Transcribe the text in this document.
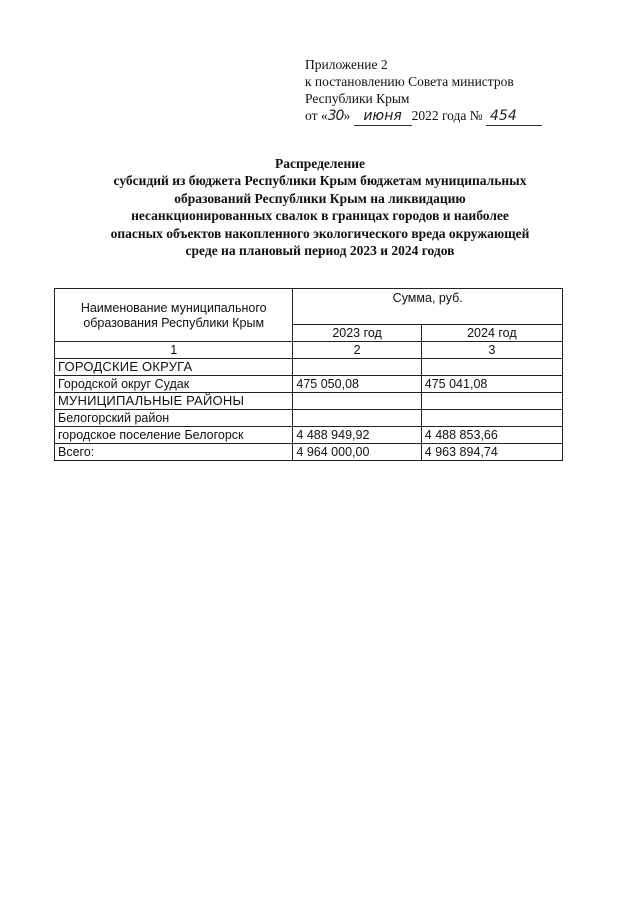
Приложение 2
к постановлению Совета министров
Республики Крым
от «30» июня 2022 года № 454
Распределение
субсидий из бюджета Республики Крым бюджетам муниципальных
образований Республики Крым на ликвидацию
несанкционированных свалок в границах городов и наиболее
опасных объектов накопленного экологического вреда окружающей
среде на плановый период 2023 и 2024 годов
Наименование муниципального образования Республики Крым	Сумма, руб.	
	2023 год	2024 год
1	2	3
ГОРОДСКИЕ ОКРУГА		
Городской округ Судак	475 050,08	475 041,08
МУНИЦИПАЛЬНЫЕ РАЙОНЫ		
Белогорский район		
городское поселение Белогорск	4 488 949,92	4 488 853,66
Всего:	4 964 000,00	4 963 894,74
